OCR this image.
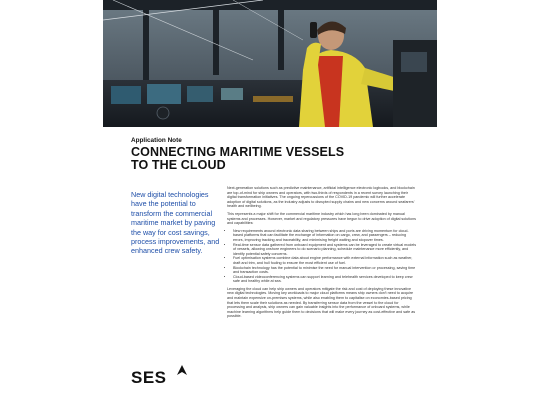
Application Note
CONNECTING MARITIME VESSELS
TO THE CLOUD
New digital technologies
have the potential to
transform the commercial
maritime market by paving
the way for cost savings,
process improvements, and
enhanced crew safety.

Next-generation solutions such as predictive maintenance, artificial intelligence electronic logbooks, and blockchain are top-of-mind for ship owners and operators, with two-thirds of respondents in a recent survey launching their digital transformation initiatives. The ongoing repercussions of the COVID-19 pandemic will further accelerate adoption of digital solutions, as the industry adjusts to disrupted supply chains and new concerns around seafarers' health and wellbeing.

This represents a major shift for the commercial maritime industry which has long been dominated by manual systems and processes. However, market and regulatory pressures have begun to drive adoption of digital solutions and capabilities:

• New requirements around electronic data sharing between ships and ports are driving momentum for cloud-based platforms that can facilitate the exchange of information on cargo, crew, and passengers – reducing errors, improving tracking and traceability, and minimising freight waiting and stopover times.
• Real-time sensor data gathered from onboard equipment and systems can be leveraged to create virtual models of vessels, allowing onshore engineers to do scenario planning, schedule maintenance more efficiently, and identify potential safety concerns.
• Fuel optimisation systems combine data about engine performance with external information such as weather, draft and trim, and hull fouling to ensure the most efficient use of fuel.
• Blockchain technology has the potential to minimise the need for manual intervention or processing, saving time and transaction costs.
• Cloud-based videoconferencing systems can support learning and telehealth services developed to keep crew safe and healthy while at sea.

Leveraging the cloud can help ship owners and operators mitigate the risk and cost of deploying these innovative new digital technologies. Moving key workloads to major cloud platforms means ship owners don't need to acquire and maintain expensive on-premises systems, while also enabling them to capitalise on economies-based pricing that lets them scale their solutions as needed. By transferring sensor data from the vessel to the cloud for processing and analysis, ship owners can gain valuable insights into the performance of onboard systems, while machine learning algorithms help guide them to decisions that will make every journey as cost-effective and safe as possible.

SES
